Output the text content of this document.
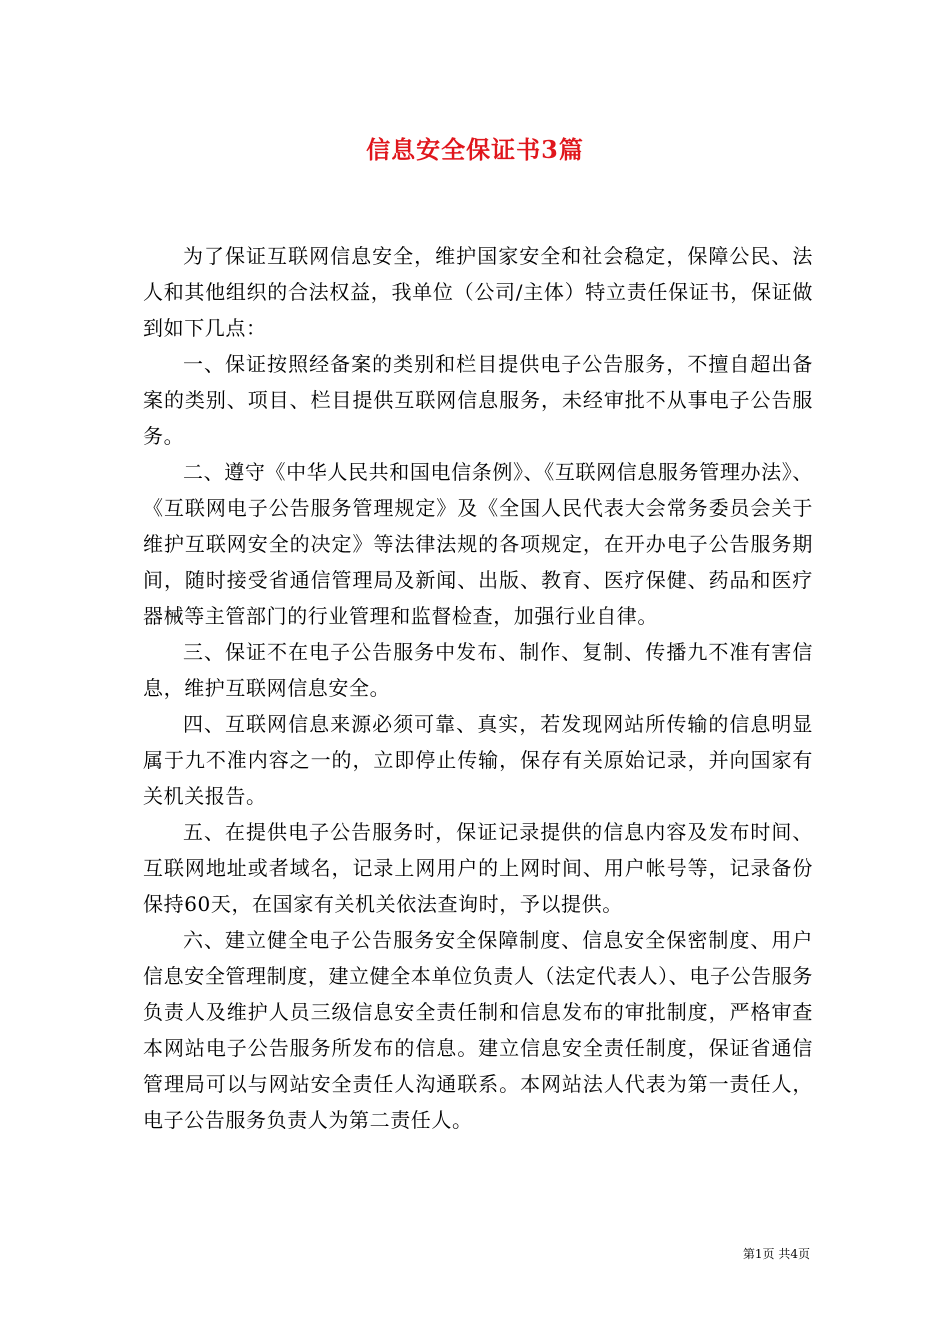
信息安全保证书3篇

为了保证互联网信息安全，维护国家安全和社会稳定，保障公民、法人和其他组织的合法权益，我单位（公司/主体）特立责任保证书，保证做到如下几点：

一、保证按照经备案的类别和栏目提供电子公告服务，不擅自超出备案的类别、项目、栏目提供互联网信息服务，未经审批不从事电子公告服务。

二、遵守《中华人民共和国电信条例》、《互联网信息服务管理办法》、《互联网电子公告服务管理规定》及《全国人民代表大会常务委员会关于维护互联网安全的决定》等法律法规的各项规定，在开办电子公告服务期间，随时接受省通信管理局及新闻、出版、教育、医疗保健、药品和医疗器械等主管部门的行业管理和监督检查，加强行业自律。

三、保证不在电子公告服务中发布、制作、复制、传播九不准有害信息，维护互联网信息安全。

四、互联网信息来源必须可靠、真实，若发现网站所传输的信息明显属于九不准内容之一的，立即停止传输，保存有关原始记录，并向国家有关机关报告。

五、在提供电子公告服务时，保证记录提供的信息内容及发布时间、互联网地址或者域名，记录上网用户的上网时间、用户帐号等，记录备份保持60天，在国家有关机关依法查询时，予以提供。

六、建立健全电子公告服务安全保障制度、信息安全保密制度、用户信息安全管理制度，建立健全本单位负责人（法定代表人）、电子公告服务负责人及维护人员三级信息安全责任制和信息发布的审批制度，严格审查本网站电子公告服务所发布的信息。建立信息安全责任制度，保证省通信管理局可以与网站安全责任人沟通联系。本网站法人代表为第一责任人，电子公告服务负责人为第二责任人。

第1页 共4页
